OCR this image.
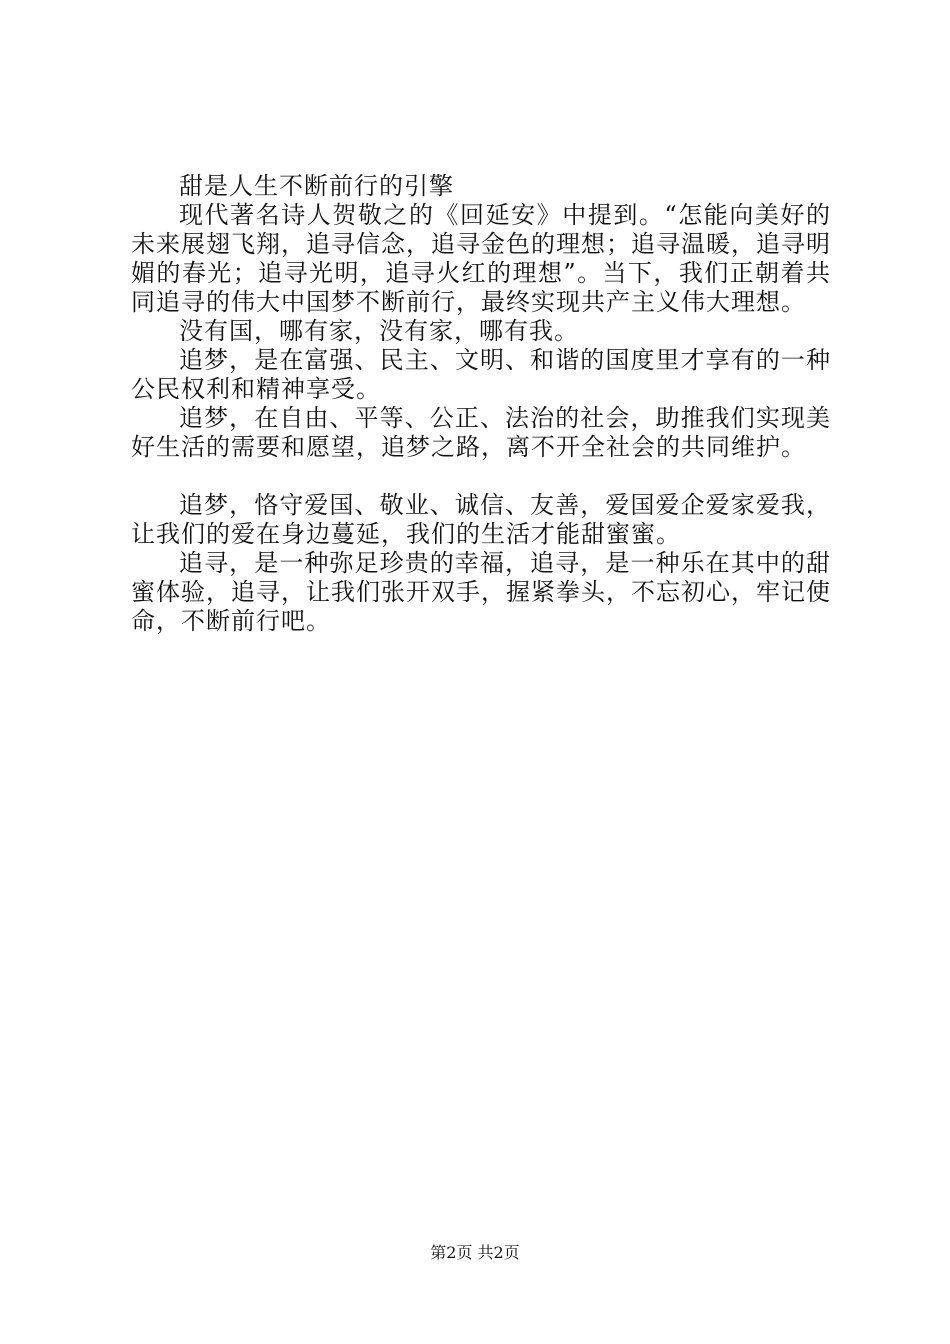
甜是人生不断前行的引擎

现代著名诗人贺敬之的《回延安》中提到。“怎能向美好的未来展翅飞翔，追寻信念，追寻金色的理想；追寻温暖，追寻明媚的春光；追寻光明，追寻火红的理想”。当下，我们正朝着共同追寻的伟大中国梦不断前行，最终实现共产主义伟大理想。

没有国，哪有家，没有家，哪有我。

追梦，是在富强、民主、文明、和谐的国度里才享有的一种公民权利和精神享受。

追梦，在自由、平等、公正、法治的社会，助推我们实现美好生活的需要和愿望，追梦之路，离不开全社会的共同维护。

追梦，恪守爱国、敬业、诚信、友善，爱国爱企爱家爱我，让我们的爱在身边蔓延，我们的生活才能甜蜜蜜。

追寻，是一种弥足珍贵的幸福，追寻，是一种乐在其中的甜蜜体验，追寻，让我们张开双手，握紧拳头，不忘初心，牢记使命，不断前行吧。

第2页 共2页
